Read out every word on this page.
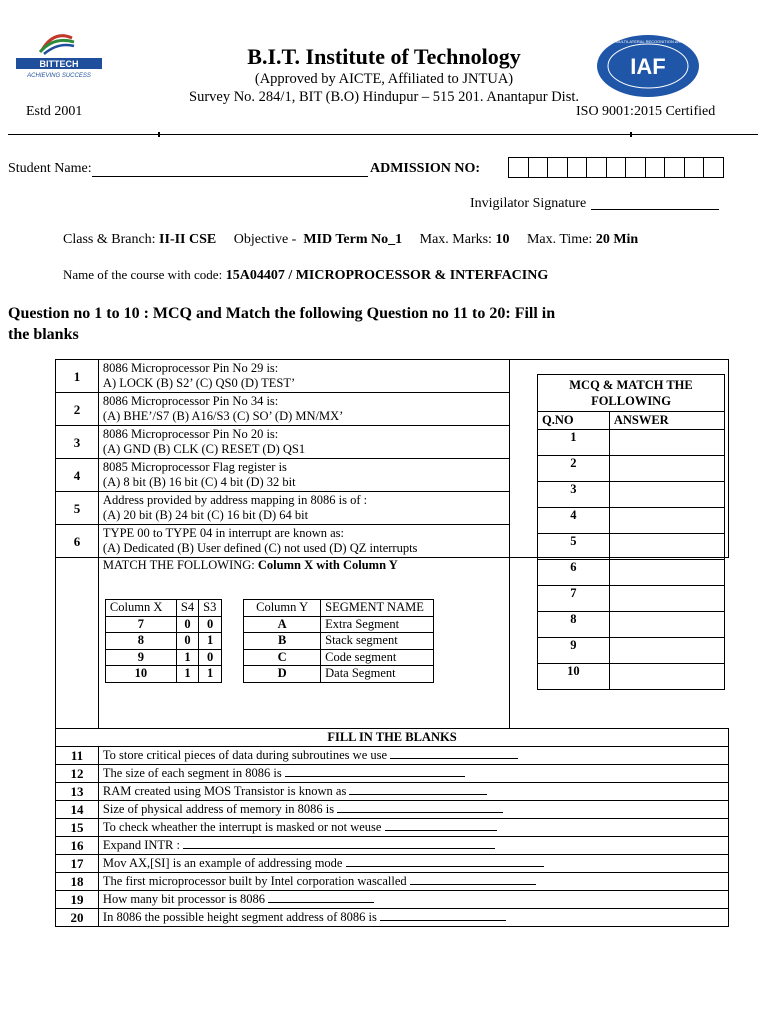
BITTECH
ACHIEVING SUCCESS	IAF
MEMBER OF MULTILATERAL RECOGNITION ARRANGEMENT
B.I.T. Institute of Technology
(Approved by AICTE, Affiliated to JNTUA)
Survey No. 284/1, BIT (B.O) Hindupur – 515 201. Anantapur Dist.
Estd 2001	ISO 9001:2015 Certified
Student Name:	ADMISSION NO:
Invigilator Signature
Class & Branch: II-II CSE Objective - MID Term No_1 Max. Marks: 10 Max. Time: 20 Min
Name of the course with code: 15A04407 / MICROPROCESSOR & INTERFACING
Question no 1 to 10 : MCQ and Match the following Question no 11 to 20: Fill in the blanks
1	
8086 Microprocessor Pin No 29 is:
A) LOCK (B) S2’ (C) QS0 (D) TEST’

2	
8086 Microprocessor Pin No 34 is:
(A) BHE’/S7 (B) A16/S3 (C) SO’ (D) MN/MX’

3	
8086 Microprocessor Pin No 20 is:
(A) GND (B) CLK (C) RESET (D) QS1

4	
8085 Microprocessor Flag register is
(A) 8 bit (B) 16 bit (C) 4 bit (D) 32 bit

5	
Address provided by address mapping in 8086 is of :
(A) 20 bit (B) 24 bit (C) 16 bit (D) 64 bit

6	
TYPE 00 to TYPE 04 in interrupt are known as:
(A) Dedicated (B) User defined (C) not used (D) QZ interrupts

MATCH THE FOLLOWING: Column X with Column Y
Column X	S4	S3
7	0	0
8	0	1
9	1	0
10	1	1
Column Y	SEGMENT NAME
A	Extra Segment
B	Stack segment
C	Code segment
D	Data Segment

FILL IN THE BLANKS
11	To store critical pieces of data during subroutines we use
12	The size of each segment in 8086 is
13	RAM created using MOS Transistor is known as
14	Size of physical address of memory in 8086 is
15	To check wheather the interrupt is masked or not weuse
16	Expand INTR :
17	Mov AX,[SI] is an example of addressing mode
18	The first microprocessor built by Intel corporation wascalled
19	How many bit processor is 8086
20	In 8086 the possible height segment address of 8086 is
MCQ & MATCH THE FOLLOWING	
Q.NO	ANSWER
1	
2	
3	
4	
5	
6	
7	
8	
9	
10	
